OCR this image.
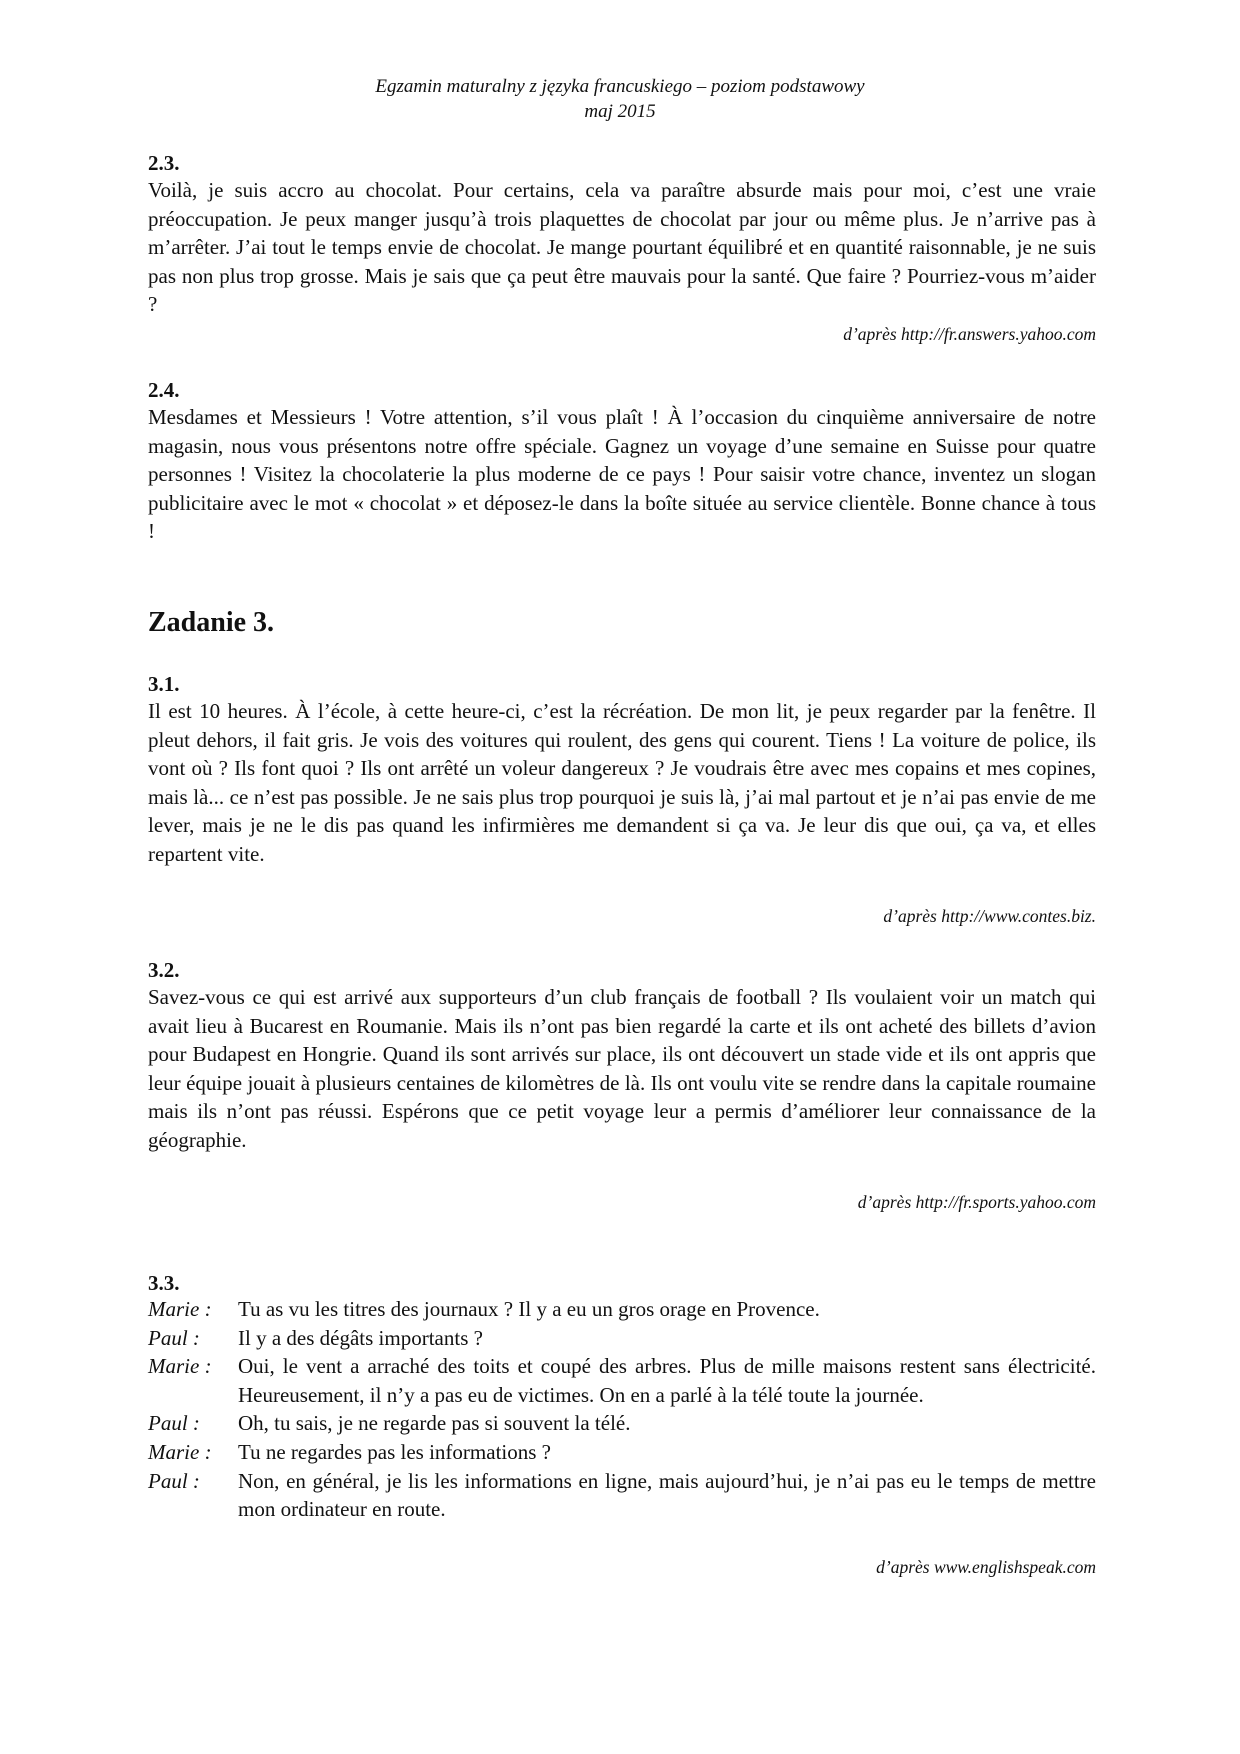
Egzamin maturalny z języka francuskiego – poziom podstawowy
maj 2015
2.3.

Voilà, je suis accro au chocolat. Pour certains, cela va paraître absurde mais pour moi, c’est une vraie préoccupation. Je peux manger jusqu’à trois plaquettes de chocolat par jour ou même plus. Je n’arrive pas à m’arrêter. J’ai tout le temps envie de chocolat. Je mange pourtant équilibré et en quantité raisonnable, je ne suis pas non plus trop grosse. Mais je sais que ça peut être mauvais pour la santé. Que faire ? Pourriez-vous m’aider ?

d’après http://fr.answers.yahoo.com
2.4.

Mesdames et Messieurs ! Votre attention, s’il vous plaît ! À l’occasion du cinquième anniversaire de notre magasin, nous vous présentons notre offre spéciale. Gagnez un voyage d’une semaine en Suisse pour quatre personnes ! Visitez la chocolaterie la plus moderne de ce pays ! Pour saisir votre chance, inventez un slogan publicitaire avec le mot « chocolat » et déposez-le dans la boîte située au service clientèle. Bonne chance à tous !

Zadanie 3.
3.1.

Il est 10 heures. À l’école, à cette heure-ci, c’est la récréation. De mon lit, je peux regarder par la fenêtre. Il pleut dehors, il fait gris. Je vois des voitures qui roulent, des gens qui courent. Tiens ! La voiture de police, ils vont où ? Ils font quoi ? Ils ont arrêté un voleur dangereux ? Je voudrais être avec mes copains et mes copines, mais là... ce n’est pas possible. Je ne sais plus trop pourquoi je suis là, j’ai mal partout et je n’ai pas envie de me lever, mais je ne le dis pas quand les infirmières me demandent si ça va. Je leur dis que oui, ça va, et elles repartent vite.

d’après http://www.contes.biz.
3.2.

Savez-vous ce qui est arrivé aux supporteurs d’un club français de football ? Ils voulaient voir un match qui avait lieu à Bucarest en Roumanie. Mais ils n’ont pas bien regardé la carte et ils ont acheté des billets d’avion pour Budapest en Hongrie. Quand ils sont arrivés sur place, ils ont découvert un stade vide et ils ont appris que leur équipe jouait à plusieurs centaines de kilomètres de là. Ils ont voulu vite se rendre dans la capitale roumaine mais ils n’ont pas réussi. Espérons que ce petit voyage leur a permis d’améliorer leur connaissance de la géographie.

d’après http://fr.sports.yahoo.com
3.3.
Marie :	Tu as vu les titres des journaux ? Il y a eu un gros orage en Provence.
Paul :	Il y a des dégâts importants ?
Marie :	Oui, le vent a arraché des toits et coupé des arbres. Plus de mille maisons restent sans électricité. Heureusement, il n’y a pas eu de victimes. On en a parlé à la télé toute la journée.
Paul :	Oh, tu sais, je ne regarde pas si souvent la télé.
Marie :	Tu ne regardes pas les informations ?
Paul :	Non, en général, je lis les informations en ligne, mais aujourd’hui, je n’ai pas eu le temps de mettre mon ordinateur en route.
d’après www.englishspeak.com
